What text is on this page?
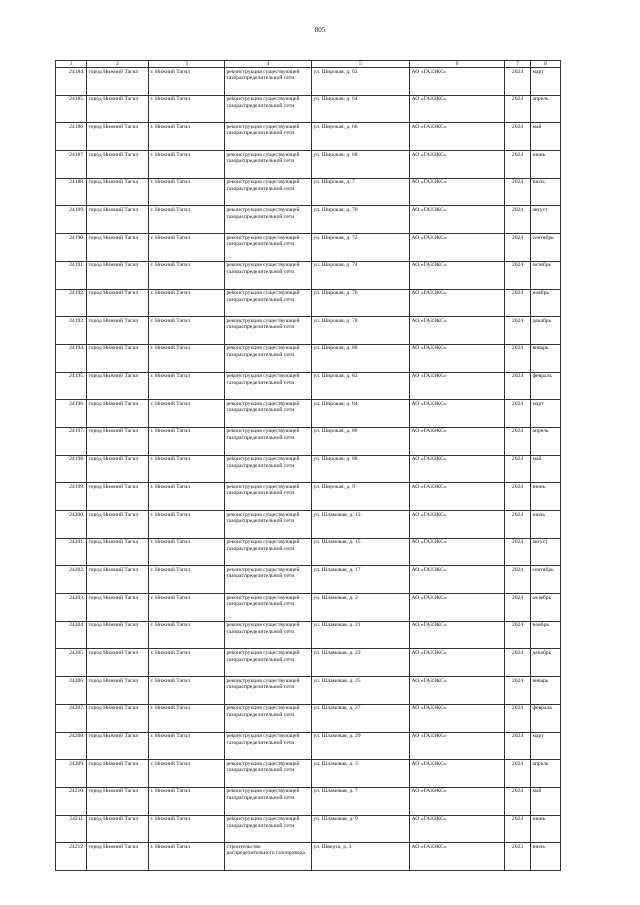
805
1	2	3	4	5	6	7	8
24184.	город Нижний Тагил	г. Нижний Тагил	реконструкция существующей газораспределительной сети	ул. Широкая, д. 62	АО «ГАЗЭКС»	2024	март
24185.	город Нижний Тагил	г. Нижний Тагил	реконструкция существующей газораспределительной сети	ул. Широкая, д. 64	АО «ГАЗЭКС»	2024	апрель
24186.	город Нижний Тагил	г. Нижний Тагил	реконструкция существующей газораспределительной сети	ул. Широкая, д. 66	АО «ГАЗЭКС»	2024	май
24187.	город Нижний Тагил	г. Нижний Тагил	реконструкция существующей газораспределительной сети	ул. Широкая, д. 68	АО «ГАЗЭКС»	2024	июнь
24188.	город Нижний Тагил	г. Нижний Тагил	реконструкция существующей газораспределительной сети	ул. Широкая, д. 7	АО «ГАЗЭКС»	2024	июль
24189.	город Нижний Тагил	г. Нижний Тагил	реконструкция существующей газораспределительной сети	ул. Широкая, д. 70	АО «ГАЗЭКС»	2024	август
24190.	город Нижний Тагил	г. Нижний Тагил	реконструкция существующей газораспределительной сети	ул. Широкая, д. 72	АО «ГАЗЭКС»	2024	сентябрь
24191.	город Нижний Тагил	г. Нижний Тагил	реконструкция существующей газораспределительной сети	ул. Широкая, д. 74	АО «ГАЗЭКС»	2024	октябрь
24192.	город Нижний Тагил	г. Нижний Тагил	реконструкция существующей газораспределительной сети	ул. Широкая, д. 76	АО «ГАЗЭКС»	2024	ноябрь
24193.	город Нижний Тагил	г. Нижний Тагил	реконструкция существующей газораспределительной сети	ул. Широкая, д. 78	АО «ГАЗЭКС»	2024	декабрь
24194.	город Нижний Тагил	г. Нижний Тагил	реконструкция существующей газораспределительной сети	ул. Широкая, д. 80	АО «ГАЗЭКС»	2024	январь
24195.	город Нижний Тагил	г. Нижний Тагил	реконструкция существующей газораспределительной сети	ул. Широкая, д. 82	АО «ГАЗЭКС»	2024	февраль
24196.	город Нижний Тагил	г. Нижний Тагил	реконструкция существующей газораспределительной сети	ул. Широкая, д. 84	АО «ГАЗЭКС»	2024	март
24197.	город Нижний Тагил	г. Нижний Тагил	реконструкция существующей газораспределительной сети	ул. Широкая, д. 86	АО «ГАЗЭКС»	2024	апрель
24198.	город Нижний Тагил	г. Нижний Тагил	реконструкция существующей газораспределительной сети	ул. Широкая, д. 88	АО «ГАЗЭКС»	2024	май
24199.	город Нижний Тагил	г. Нижний Тагил	реконструкция существующей газораспределительной сети	ул. Широкая, д. 9	АО «ГАЗЭКС»	2024	июнь
24200.	город Нижний Тагил	г. Нижний Тагил	реконструкция существующей газораспределительной сети	ул. Шламовая, д. 13	АО «ГАЗЭКС»	2024	июль
24201.	город Нижний Тагил	г. Нижний Тагил	реконструкция существующей газораспределительной сети	ул. Шламовая, д. 15	АО «ГАЗЭКС»	2024	август
24202.	город Нижний Тагил	г. Нижний Тагил	реконструкция существующей газораспределительной сети	ул. Шламовая, д. 17	АО «ГАЗЭКС»	2024	сентябрь
24203.	город Нижний Тагил	г. Нижний Тагил	реконструкция существующей газораспределительной сети	ул. Шламовая, д. 2	АО «ГАЗЭКС»	2024	октябрь
24204.	город Нижний Тагил	г. Нижний Тагил	реконструкция существующей газораспределительной сети	ул. Шламовая, д. 21	АО «ГАЗЭКС»	2024	ноябрь
24205.	город Нижний Тагил	г. Нижний Тагил	реконструкция существующей газораспределительной сети	ул. Шламовая, д. 23	АО «ГАЗЭКС»	2024	декабрь
24206.	город Нижний Тагил	г. Нижний Тагил	реконструкция существующей газораспределительной сети	ул. Шламовая, д. 25	АО «ГАЗЭКС»	2024	январь
24207.	город Нижний Тагил	г. Нижний Тагил	реконструкция существующей газораспределительной сети	ул. Шламовая, д. 27	АО «ГАЗЭКС»	2024	февраль
24208.	город Нижний Тагил	г. Нижний Тагил	реконструкция существующей газораспределительной сети	ул. Шламовая, д. 29	АО «ГАЗЭКС»	2024	март
24209.	город Нижний Тагил	г. Нижний Тагил	реконструкция существующей газораспределительной сети	ул. Шламовая, д. 3	АО «ГАЗЭКС»	2024	апрель
24210.	город Нижний Тагил	г. Нижний Тагил	реконструкция существующей газораспределительной сети	ул. Шламовая, д. 7	АО «ГАЗЭКС»	2024	май
24211.	город Нижний Тагил	г. Нижний Тагил	реконструкция существующей газораспределительной сети	ул. Шламовая, д. 9	АО «ГАЗЭКС»	2024	июнь
24212.	город Нижний Тагил	г. Нижний Тагил	строительство распределительного газопровода	ул. Шведта, д. 3	АО «ГАЗЭКС»	2023	июль
